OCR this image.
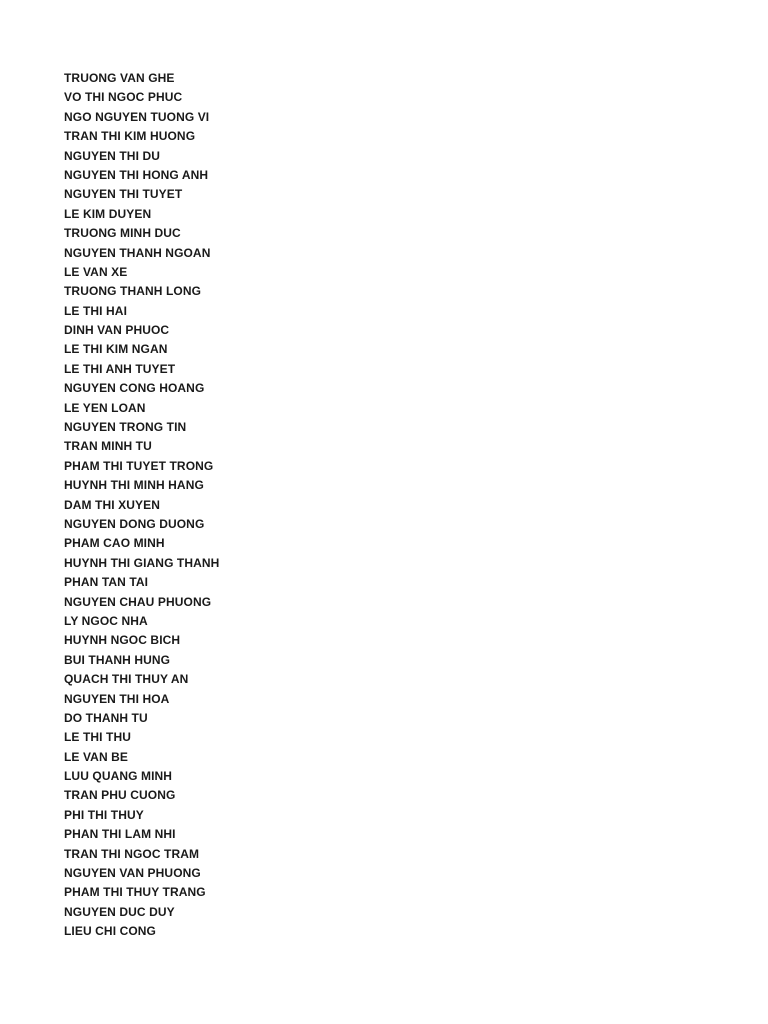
TRUONG VAN GHE
VO THI NGOC PHUC
NGO NGUYEN TUONG VI
TRAN THI KIM HUONG
NGUYEN THI DU
NGUYEN THI HONG ANH
NGUYEN THI TUYET
LE KIM DUYEN
TRUONG MINH DUC
NGUYEN THANH NGOAN
LE VAN XE
TRUONG THANH LONG
LE THI HAI
DINH VAN PHUOC
LE THI KIM NGAN
LE THI ANH TUYET
NGUYEN CONG HOANG
LE YEN LOAN
NGUYEN TRONG TIN
TRAN MINH TU
PHAM THI TUYET TRONG
HUYNH THI MINH HANG
DAM THI XUYEN
NGUYEN DONG DUONG
PHAM CAO MINH
HUYNH THI GIANG THANH
PHAN TAN TAI
NGUYEN CHAU PHUONG
LY NGOC NHA
HUYNH NGOC BICH
BUI THANH HUNG
QUACH THI THUY AN
NGUYEN THI HOA
DO THANH TU
LE THI THU
LE VAN BE
LUU QUANG MINH
TRAN PHU CUONG
PHI THI THUY
PHAN THI LAM NHI
TRAN THI NGOC TRAM
NGUYEN VAN PHUONG
PHAM THI THUY TRANG
NGUYEN DUC DUY
LIEU CHI CONG
